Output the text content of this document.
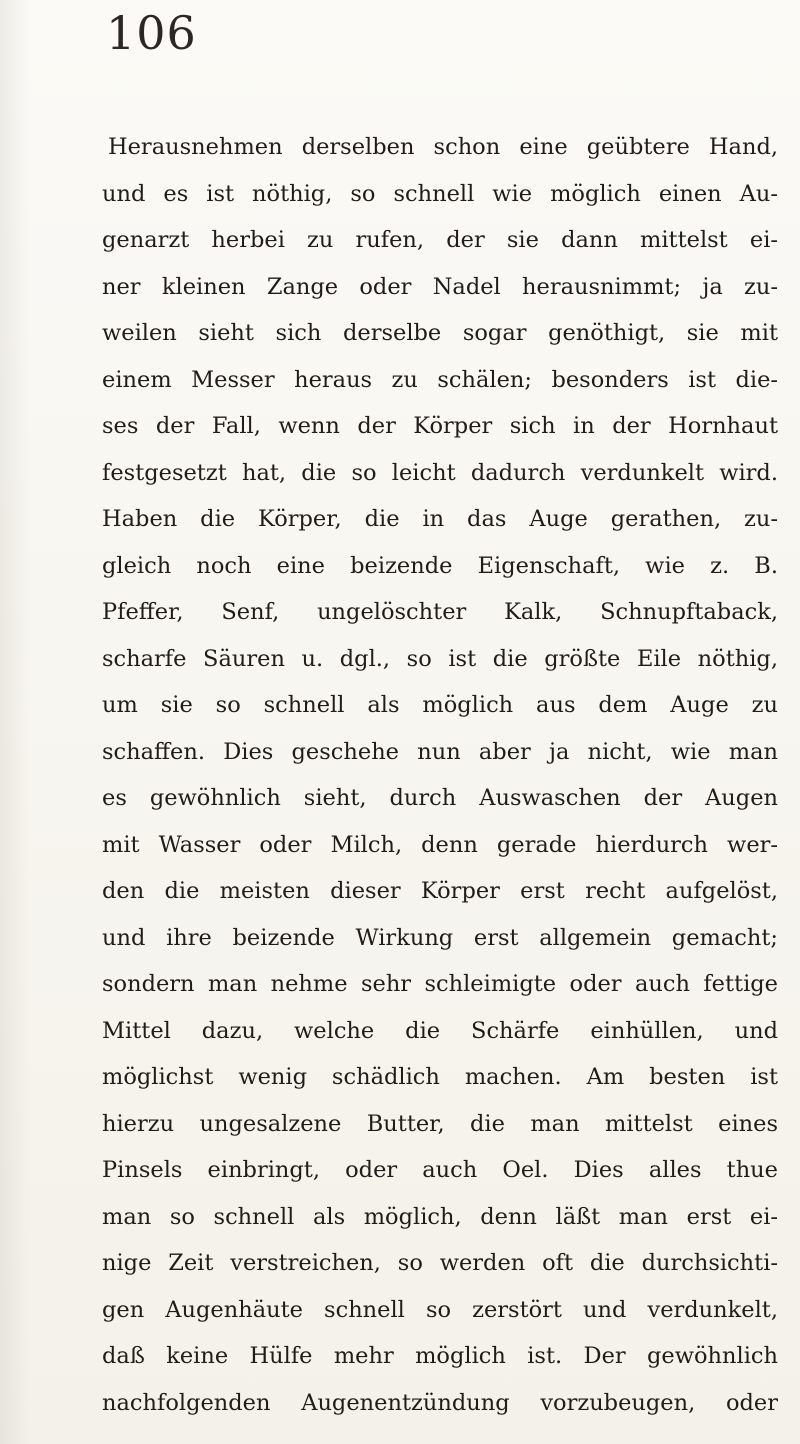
106
Herausnehmen derselben schon eine geübtere Hand,
und es ist nöthig, so schnell wie möglich einen Au-
genarzt herbei zu rufen, der sie dann mittelst ei-
ner kleinen Zange oder Nadel herausnimmt; ja zu-
weilen sieht sich derselbe sogar genöthigt, sie mit
einem Messer heraus zu schälen; besonders ist die-
ses der Fall, wenn der Körper sich in der Hornhaut
festgesetzt hat, die so leicht dadurch verdunkelt wird.
Haben die Körper, die in das Auge gerathen, zu-
gleich noch eine beizende Eigenschaft, wie z. B.
Pfeffer, Senf, ungelöschter Kalk, Schnupftaback,
scharfe Säuren u. dgl., so ist die größte Eile nöthig,
um sie so schnell als möglich aus dem Auge zu
schaffen. Dies geschehe nun aber ja nicht, wie man
es gewöhnlich sieht, durch Auswaschen der Augen
mit Wasser oder Milch, denn gerade hierdurch wer-
den die meisten dieser Körper erst recht aufgelöst,
und ihre beizende Wirkung erst allgemein gemacht;
sondern man nehme sehr schleimigte oder auch fettige
Mittel dazu, welche die Schärfe einhüllen, und
möglichst wenig schädlich machen. Am besten ist
hierzu ungesalzene Butter, die man mittelst eines
Pinsels einbringt, oder auch Oel. Dies alles thue
man so schnell als möglich, denn läßt man erst ei-
nige Zeit verstreichen, so werden oft die durchsichti-
gen Augenhäute schnell so zerstört und verdunkelt,
daß keine Hülfe mehr möglich ist. Der gewöhnlich
nachfolgenden Augenentzündung vorzubeugen, oder
